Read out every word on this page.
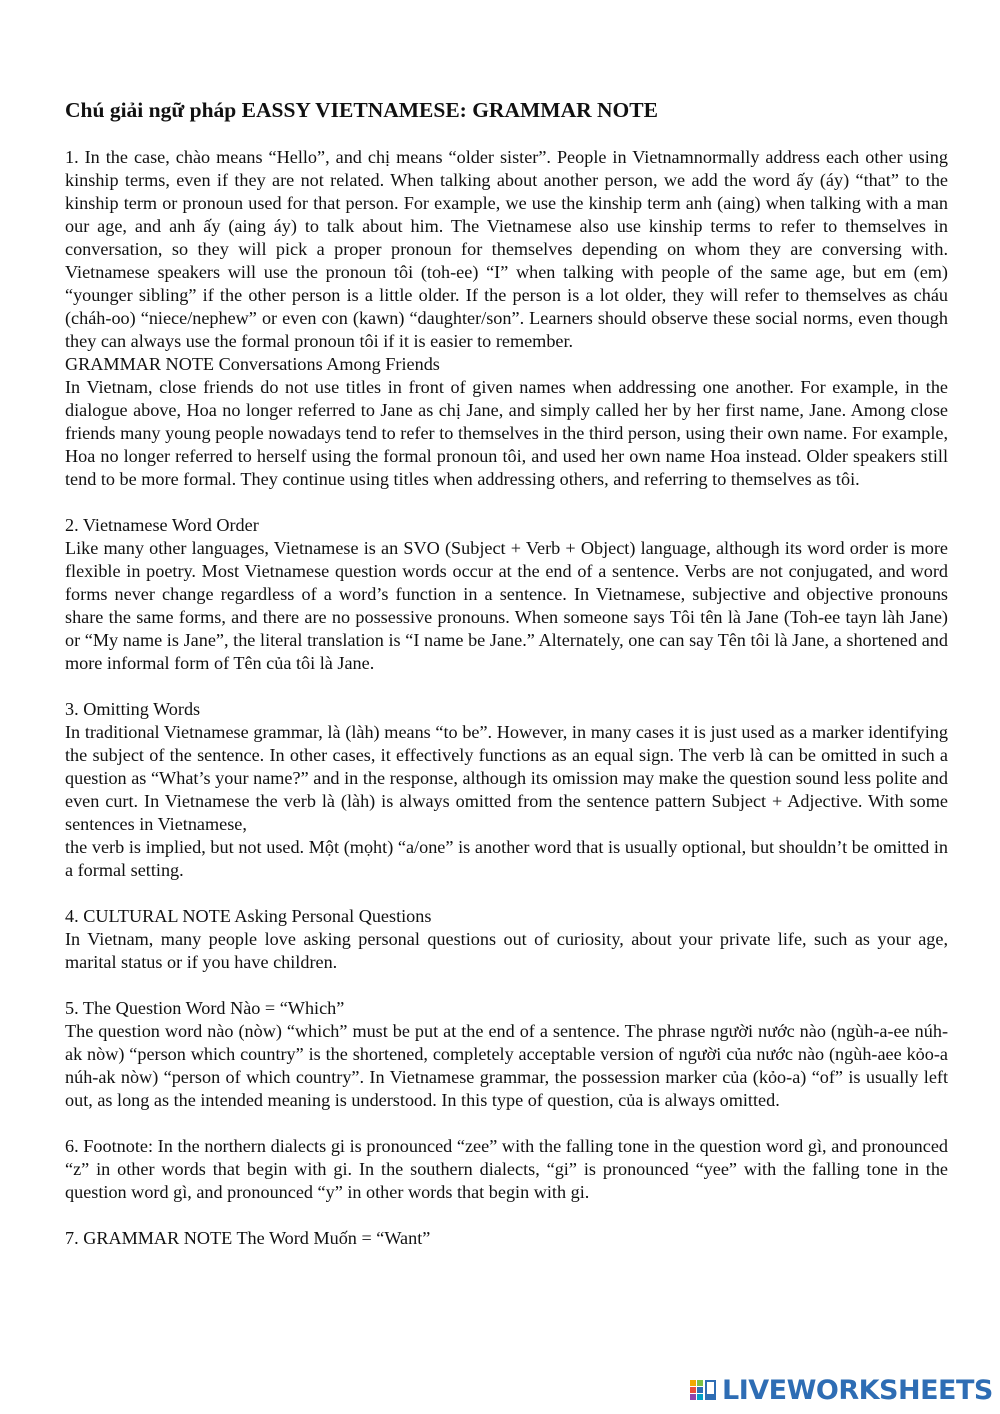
Chú giải ngữ pháp EASSY VIETNAMESE: GRAMMAR NOTE

1. In the case, chào means “Hello”, and chị means “older sister”. People in Vietnamnormally address each other using kinship terms, even if they are not related. When talking about another person, we add the word ấy (áy) “that” to the kinship term or pronoun used for that person. For example, we use the kinship term anh (aing) when talking with a man our age, and anh ấy (aing áy) to talk about him. The Vietnamese also use kinship terms to refer to themselves in conversation, so they will pick a proper pronoun for themselves depending on whom they are conversing with. Vietnamese speakers will use the pronoun tôi (toh-ee) “I” when talking with people of the same age, but em (em) “younger sibling” if the other person is a little older. If the person is a lot older, they will refer to themselves as cháu (cháh-oo) “niece/nephew” or even con (kawn) “daughter/son”. Learners should observe these social norms, even though they can always use the formal pronoun tôi if it is easier to remember.

GRAMMAR NOTE Conversations Among Friends

In Vietnam, close friends do not use titles in front of given names when addressing one another. For example, in the dialogue above, Hoa no longer referred to Jane as chị Jane, and simply called her by her first name, Jane. Among close friends many young people nowadays tend to refer to themselves in the third person, using their own name. For example, Hoa no longer referred to herself using the formal pronoun tôi, and used her own name Hoa instead. Older speakers still tend to be more formal. They continue using titles when addressing others, and referring to themselves as tôi.

2. Vietnamese Word Order

Like many other languages, Vietnamese is an SVO (Subject + Verb + Object) language, although its word order is more flexible in poetry. Most Vietnamese question words occur at the end of a sentence. Verbs are not conjugated, and word forms never change regardless of a word’s function in a sentence. In Vietnamese, subjective and objective pronouns share the same forms, and there are no possessive pronouns. When someone says Tôi tên là Jane (Toh-ee tayn làh Jane) or “My name is Jane”, the literal translation is “I name be Jane.” Alternately, one can say Tên tôi là Jane, a shortened and more informal form of Tên của tôi là Jane.

3. Omitting Words

In traditional Vietnamese grammar, là (làh) means “to be”. However, in many cases it is just used as a marker identifying the subject of the sentence. In other cases, it effectively functions as an equal sign. The verb là can be omitted in such a question as “What’s your name?” and in the response, although its omission may make the question sound less polite and even curt. In Vietnamese the verb là (làh) is always omitted from the sentence pattern Subject + Adjective. With some sentences in Vietnamese,

the verb is implied, but not used. Một (mọht) “a/one” is another word that is usually optional, but shouldn’t be omitted in a formal setting.

4. CULTURAL NOTE Asking Personal Questions

In Vietnam, many people love asking personal questions out of curiosity, about your private life, such as your age, marital status or if you have children.

5. The Question Word Nào = “Which”

The question word nào (nòw) “which” must be put at the end of a sentence. The phrase người nước nào (ngùh-a-ee núh-ak nòw) “person which country” is the shortened, completely acceptable version of người của nước nào (ngùh-aee kỏo-a núh-ak nòw) “person of which country”. In Vietnamese grammar, the possession marker của (kỏo-a) “of” is usually left out, as long as the intended meaning is understood. In this type of question, của is always omitted.

6. Footnote: In the northern dialects gi is pronounced “zee” with the falling tone in the question word gì, and pronounced “z” in other words that begin with gi. In the southern dialects, “gi” is pronounced “yee” with the falling tone in the question word gì, and pronounced “y” in other words that begin with gi.

7. GRAMMAR NOTE The Word Muốn = “Want”

LIVEWORKSHEETS
